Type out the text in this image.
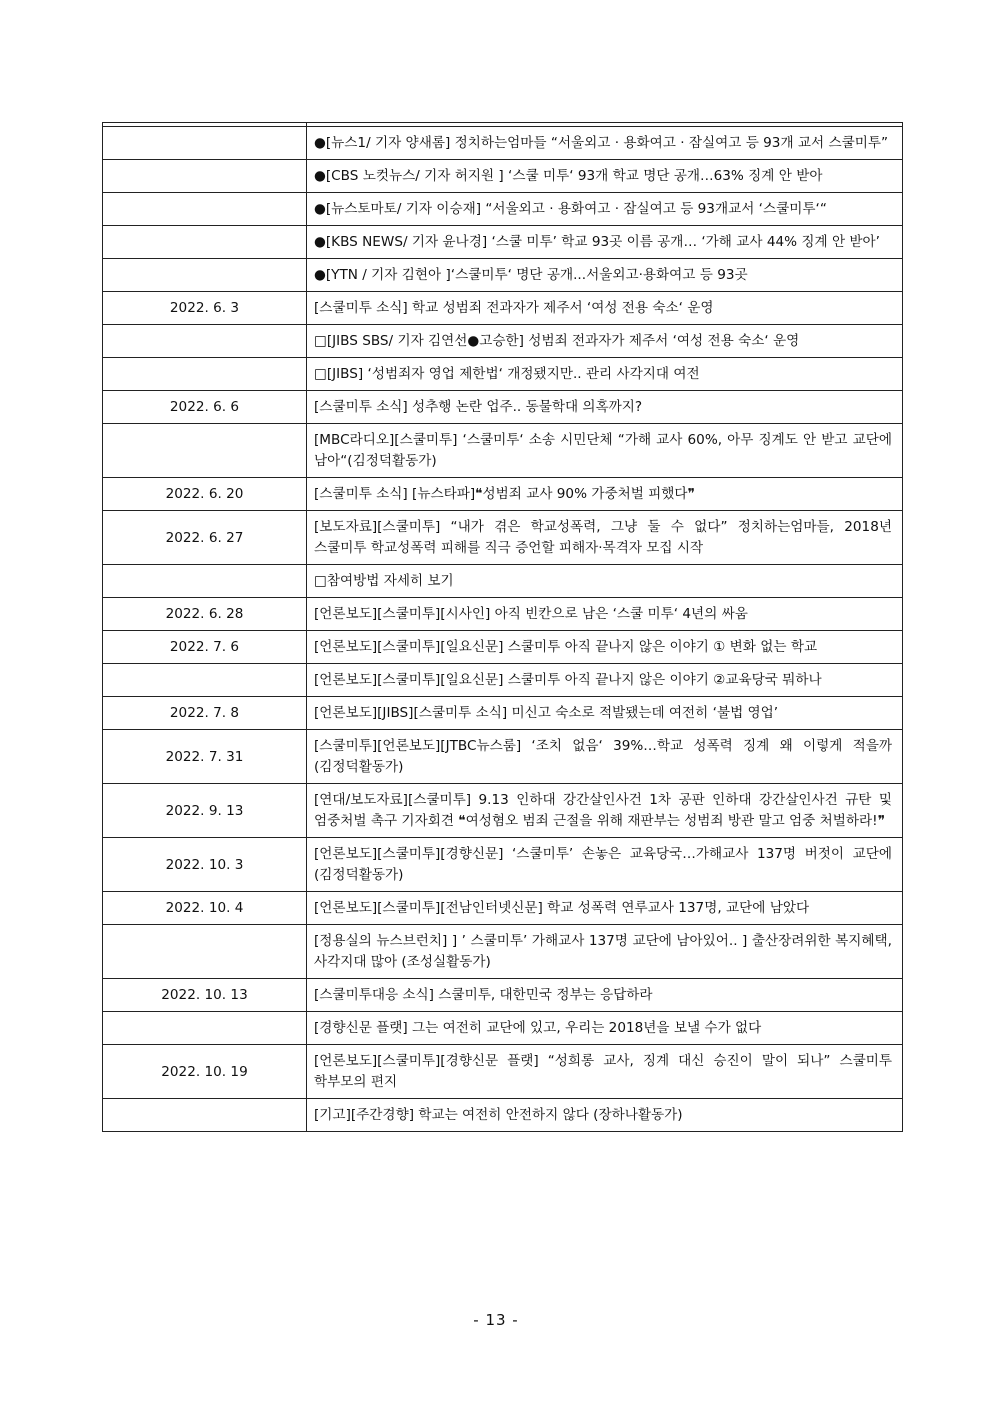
	●[뉴스1/ 기자 양새롬] 정치하는엄마들 “서울외고 · 용화여고 · 잠실여고 등 93개 교서 스쿨미투”
	●[CBS 노컷뉴스/ 기자 허지원 ] ‘스쿨 미투‘ 93개 학교 명단 공개…63% 징계 안 받아
	●[뉴스토마토/ 기자 이승재] “서울외고 · 용화여고 · 잠실여고 등 93개교서 ‘스쿨미투‘“
	●[KBS NEWS/ 기자 윤나경] ‘스쿨 미투’ 학교 93곳 이름 공개… ‘가해 교사 44% 징계 안 받아’
	●[YTN / 기자 김현아 ]‘스쿨미투‘ 명단 공개...서울외고·용화여고 등 93곳
2022. 6. 3	[스쿨미투 소식] 학교 성범죄 전과자가 제주서 ‘여성 전용 숙소‘ 운영
	□[JIBS SBS/ 기자 김연선●고승한] 성범죄 전과자가 제주서 ‘여성 전용 숙소‘ 운영
	□[JIBS] ‘성범죄자 영업 제한법‘ 개정됐지만.. 관리 사각지대 여전
2022. 6. 6	[스쿨미투 소식] 성추행 논란 업주.. 동물학대 의혹까지?
	[MBC라디오][스쿨미투] ‘스쿨미투‘ 소송 시민단체 “가해 교사 60%, 아무 징계도 안 받고 교단에 남아“(김정덕활동가)
2022. 6. 20	[스쿨미투 소식] [뉴스타파]❝성범죄 교사 90% 가중처벌 피했다❞
2022. 6. 27	[보도자료][스쿨미투] “내가 겪은 학교성폭력, 그냥 둘 수 없다” 정치하는엄마들, 2018년 스쿨미투 학교성폭력 피해를 직극 증언할 피해자·목격자 모집 시작
	□참여방법 자세히 보기
2022. 6. 28	[언론보도][스쿨미투][시사인] 아직 빈칸으로 남은 ‘스쿨 미투‘ 4년의 싸움
2022. 7. 6	[언론보도][스쿨미투][일요신문] 스쿨미투 아직 끝나지 않은 이야기 ① 변화 없는 학교
	[언론보도][스쿨미투][일요신문] 스쿨미투 아직 끝나지 않은 이야기 ②교육당국 뭐하나
2022. 7. 8	[언론보도][JIBS][스쿨미투 소식] 미신고 숙소로 적발됐는데 여전히 ‘불법 영업’
2022. 7. 31	[스쿨미투][언론보도][JTBC뉴스룸] ‘조치 없음‘ 39%…학교 성폭력 징계 왜 이렇게 적을까 (김정덕활동가)
2022. 9. 13	[연대/보도자료][스쿨미투] 9.13 인하대 강간살인사건 1차 공판 인하대 강간살인사건 규탄 및 엄중처벌 촉구 기자회견 ❝여성혐오 범죄 근절을 위해 재판부는 성범죄 방관 말고 엄중 처벌하라!❞
2022. 10. 3	[언론보도][스쿨미투][경향신문] ‘스쿨미투’ 손놓은 교육당국…가해교사 137명 버젓이 교단에 (김정덕활동가)
2022. 10. 4	[언론보도][스쿨미투][전남인터넷신문] 학교 성폭력 연루교사 137명, 교단에 남았다
	[정용실의 뉴스브런치] ] ’ 스쿨미투’ 가해교사 137명 교단에 남아있어.. ] 출산장려위한 복지혜택, 사각지대 많아 (조성실활동가)
2022. 10. 13	[스쿨미투대응 소식] 스쿨미투, 대한민국 정부는 응답하라
	[경향신문 플랫] 그는 여전히 교단에 있고, 우리는 2018년을 보낼 수가 없다
2022. 10. 19	[언론보도][스쿨미투][경향신문 플랫] “성희롱 교사, 징계 대신 승진이 말이 되나” 스쿨미투 학부모의 편지
	[기고][주간경향] 학교는 여전히 안전하지 않다 (장하나활동가)
- 13 -
